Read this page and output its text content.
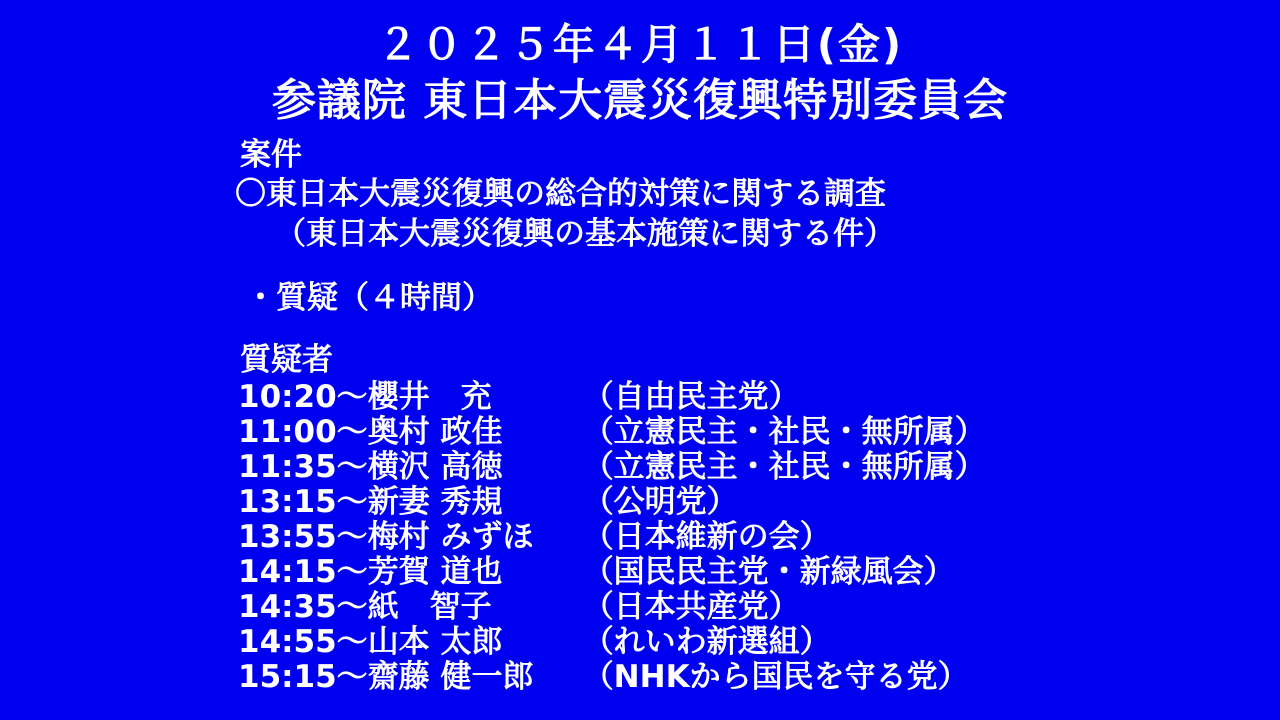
２０２５年４月１１日(金)
参議院 東日本大震災復興特別委員会
案件
〇東日本大震災復興の総合的対策に関する調査
（東日本大震災復興の基本施策に関する件）
・質疑（４時間）
質疑者
10:20〜櫻井　充	（自由民主党）
11:00〜奥村 政佳	（立憲民主・社民・無所属）
11:35〜横沢 高徳	（立憲民主・社民・無所属）
13:15〜新妻 秀規	（公明党）
13:55〜梅村 みずほ （日本維新の会）
14:15〜芳賀 道也	（国民民主党・新緑風会）
14:35〜紙　智子	（日本共産党）
14:55〜山本 太郎	（れいわ新選組）
15:15〜齋藤 健一郎 （NHKから国民を守る党）
